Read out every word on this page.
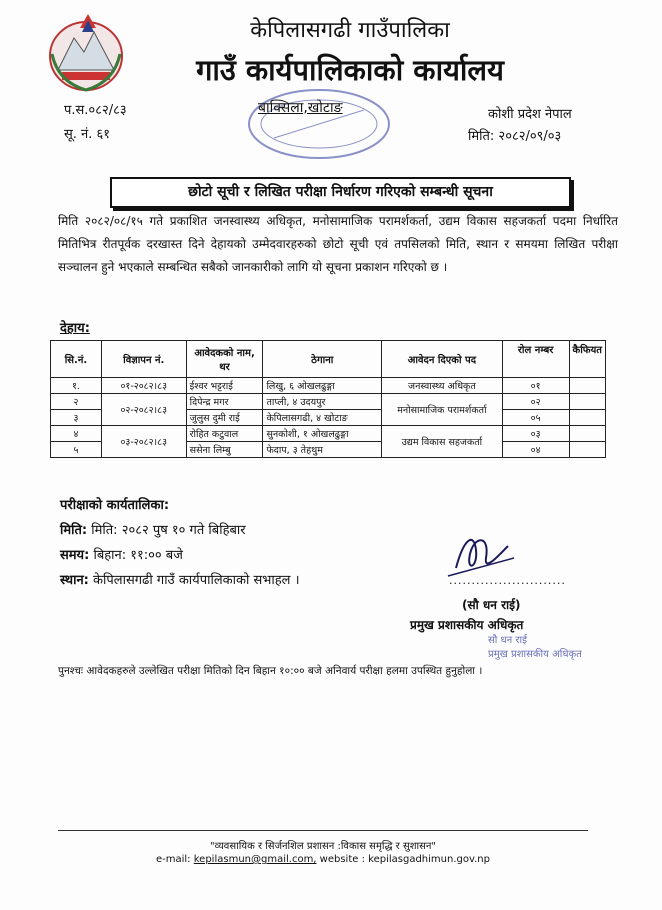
केपिलासगढी गाउँपालिका
गाउँ कार्यपालिकाको कार्यालय
प.स.०८२/८३
सू. नं. ६१
बाक्सिला,खोटाङ	कोशी प्रदेश नेपाल
मिति: २०८२/०९/०३
छोटो सूची र लिखित परीक्षा निर्धारण गरिएको सम्बन्धी सूचना
मिति २०८२/०८/१५ गते प्रकाशित जनस्वास्थ्य अधिकृत, मनोसामाजिक परामर्शकर्ता, उद्यम विकास सहजकर्ता पदमा निर्धारित मितिभित्र रीतपूर्वक दरखास्त दिने देहायको उम्मेदवारहरुको छोटो सूची एवं तपसिलको मिति, स्थान र समयमा लिखित परीक्षा सञ्चालन हुने भएकाले सम्बन्धित सबैको जानकारीको लागि यो सूचना प्रकाशन गरिएको छ ।
देहाय:
सि.नं.	विज्ञापन नं.	आवेदकको नाम, थर	ठेगाना	आवेदन दिएको पद	रोल नम्बर	कैफियत
१.	०१-२०८२।८३	ईश्वर भट्टराई	लिखु, ६ ओखलढुङ्गा	जनस्वास्थ्य अधिकृत	०१	
२	०२-२०८२।८३	दिपेन्द्र मगर	ताप्ली, ४ उदयपुर	मनोसामाजिक परामर्शकर्ता	०२	
३		जुलुस दुमी राई	केपिलासगढी, ४ खोटाङ		०५	
४	०३-२०८२।८३	रोहित कटुवाल	सुनकोशी, १ ओखलढुङ्गा	उद्यम विकास सहजकर्ता	०३	
५		ससेना लिम्बु	फेदाप, ३ तेहथुम		०४	
परीक्षाको कार्यतालिका:
मिति: मिति: २०८२ पुष १० गते बिहिबार
समय: बिहान: ११:०० बजे
स्थान: केपिलासगढी गाउँ कार्यपालिकाको सभाहल ।	..........................
(सौ धन राई)
प्रमुख प्रशासकीय अधिकृत
सौ धन राई
प्रमुख प्रशासकीय अधिकृत
पुनश्चः आवेदकहरुले उल्लेखित परीक्षा मितिको दिन बिहान १०:०० बजे अनिवार्य परीक्षा हलमा उपस्थित हुनुहोला ।
"व्यवसायिक र सिर्जनशिल प्रशासन :विकास समृद्धि र सुशासन"
e-mail: kepilasmun@gmail.com, website : kepilasgadhimun.gov.np
